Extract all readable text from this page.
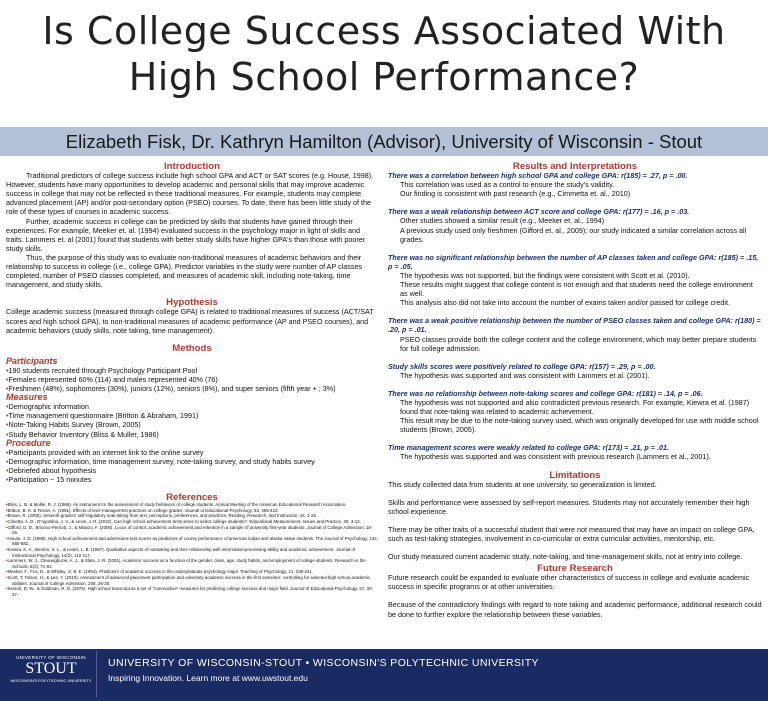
Is College Success Associated With
High School Performance?
Elizabeth Fisk, Dr. Kathryn Hamilton (Advisor), University of Wisconsin - Stout
Introduction

Traditional predictors of college success include high school GPA and ACT or SAT scores (e.g. House, 1998). However, students have many opportunities to develop academic and personal skills that may improve academic success in college that may not be reflected in these traditional measures. For example, students may complete advanced placement (AP) and/or post-secondary option (PSEO) courses. To date, there has been little study of the role of these types of courses in academic success.

Further, academic success in college can be predicted by skills that students have gained through their experiences. For example, Meeker et. al. (1994) evaluated success in the psychology major in light of skills and traits. Lammers et. al (2001) found that students with better study skills have higher GPA's than those with poorer study skills.

Thus, the purpose of this study was to evaluate non-traditional measures of academic behaviors and their relationship to success in college (i.e., college GPA). Predictor variables in the study were number of AP classes completed, number of PSEO classes completed, and measures of academic skill, including note-taking, time management, and study skills.

Hypothesis

College academic success (measured through college GPA) is related to traditional measures of success (ACT/SAT scores and high school GPA), to non-traditional measures of academic performance (AP and PSEO courses), and academic behaviors (study skills, note taking, time management).

Methods
Participants
• 190 students recruited through Psychology Participant Pool
• Females represented 60% (114) and males represented 40% (76)
• Freshmen (48%), sophomores (30%), juniors (12%), seniors (8%), and super seniors (fifth year + ; 3%)
Measures
• Demographic information
• Time management questionnaire (Britton & Abraham, 1991)
• Note-Taking Habits Survey (Brown, 2005)
• Study Behavior Inventory (Bliss & Muller, 1986)
Procedure
• Participants provided with an internet link to the online survey
• Demographic information, time management survey, note-taking survey, and study habits survey
• Debriefed about hypothesis
• Participation ~ 15 minutes
References
• Bliss, L. B. & Muller, R. J. (1986). An instrument for the assessment of study behaviors of college students. Annual Meeting of the American Educational Research Association.
• Britton, B. K. & Tesser, A. (1991). Effects of time-management practices on college grades. Journal of Educational Psychology, 83, 405-410.
• Brown, R. (2005). Seventh-graders' self-regulatory note-taking from text: perceptions, preferences, and practices. Reading, Research, and Instruction, 44, 1-26.
• Cimetta, A. D., D'Agostino, J. V., & Levin, J. R. (2010). Can high school achievement tests serve to select college students?. Educational Measurement: Issues and Practice, 29, 3-12.
• Gifford, D. D., Briceno-Perriott, J., & Mianzo, F. (2006). Locus of control: academic achievement and retention in a sample of university first-year students. Journal of College Admission, 18-25.
• House, J. D. (1998). High school achievement and admissions test scores as predictors of course performance of american indian and alaska native students. The Journal of Psychology, 132, 680-682.
• Kiewra, K. A., Benton, S. L., & Lewis, L. B. (1987). Qualitative aspects of notetaking and their relationship with information-processing ability and academic achievement. Journal of Instructional Psychology, 14(3), 110-117.
• Lammers, W. J., Onwuegbuzie, A. J., & Slate, J. R. (2001). Academic success as a function of the gender, class, age, study habits, and employment of college students. Research in the Schools, 8(2), 71-81.
• Meeker, F., Fox, D., & Whitley, Jr, B. E. (1994). Predictors of academic success in the undergraduate psychology major. Teaching of Psychology, 21, 238-241.
• Scott, T, Tolson, H., & Lee, Y. (2010). Assessment of advanced placement participation and university academic success in the first semester: controlling for selected high school academic abilities. Journal of College Admission, 208, 26-30.
• Sexton, D. W., & Goldman, R. D. (1975). High school transcript as a set of "nonreactive" measures for predicting college success and major field. Journal of Educational Psychology, 67, 30-37.
Results and Interpretations

There was a correlation between high school GPA and college GPA: r(185) = .27, p = .00.

This correlation was used as a control to ensure the study's validity.

Our finding is consistent with past research (e.g., Cimmetta et. al., 2010)

There was a weak relationship between ACT score and college GPA: r(177) = .16, p = .03.

Other studies showed a similar result (e.g., Meeker et. al., 1994)

A previous study used only freshmen (Gifford et. al., 2009); our study indicated a similar correlation across all grades.

There was no significant relationship between the number of AP classes taken and college GPA: r(185) = .15, p = .05.

The hypothesis was not supported, but the findings were consistent with Scott et al. (2010).

These results might suggest that college content is not enough and that students need the college environment as well.

This analysis also did not take into account the number of exams taken and/or passed for college credit.

There was a weak positive relationship between the number of PSEO classes taken and college GPA: r(180) = .20, p = .01.

PSEO classes provide both the college content and the college environment, which may better prepare students for full college admission.

Study skills scores were positively related to college GPA: r(157) = .29, p = .00.

The hypothesis was supported and was consistent with Lammers et al. (2001).

There was no relationship between note-taking scores and college GPA: r(181) = .14, p = .06.

The hypothesis was not supported and also contradicted previous research. For example, Kiewra et al. (1987) found that note-taking was related to academic achievement.

This result may be due to the note-taking survey used, which was originally developed for use with middle school students (Brown, 2005).

Time management scores were weakly related to college GPA: r(173) = .21, p = .01.

The hypothesis was supported and was consistent with previous research (Lammers et al., 2001).

Limitations

This study collected data from students at one university, so generalization is limited.

Skills and performance were assessed by self-report measures. Students may not accurately remember their high school experience.

There may be other traits of a successful student that were not measured that may have an impact on college GPA, such as test-taking strategies, involvement in co-curricular or extra curricular activities, mentorship, etc.

Our study measured current academic study, note-taking, and time-management skills, not at entry into college.

Future Research

Future research could be expanded to evaluate other characteristics of success in college and evaluate academic success in specific programs or at other universities.

Because of the contradictory findings with regard to note taking and academic performance, additional research could be done to further explore the relationship between these variables.

UNIVERSITY OF WISCONSIN
STOUT
WISCONSIN'S POLYTECHNIC UNIVERSITY
UNIVERSITY OF WISCONSIN-STOUT • WISCONSIN'S POLYTECHNIC UNIVERSITY
Inspiring Innovation. Learn more at www.uwstout.edu
